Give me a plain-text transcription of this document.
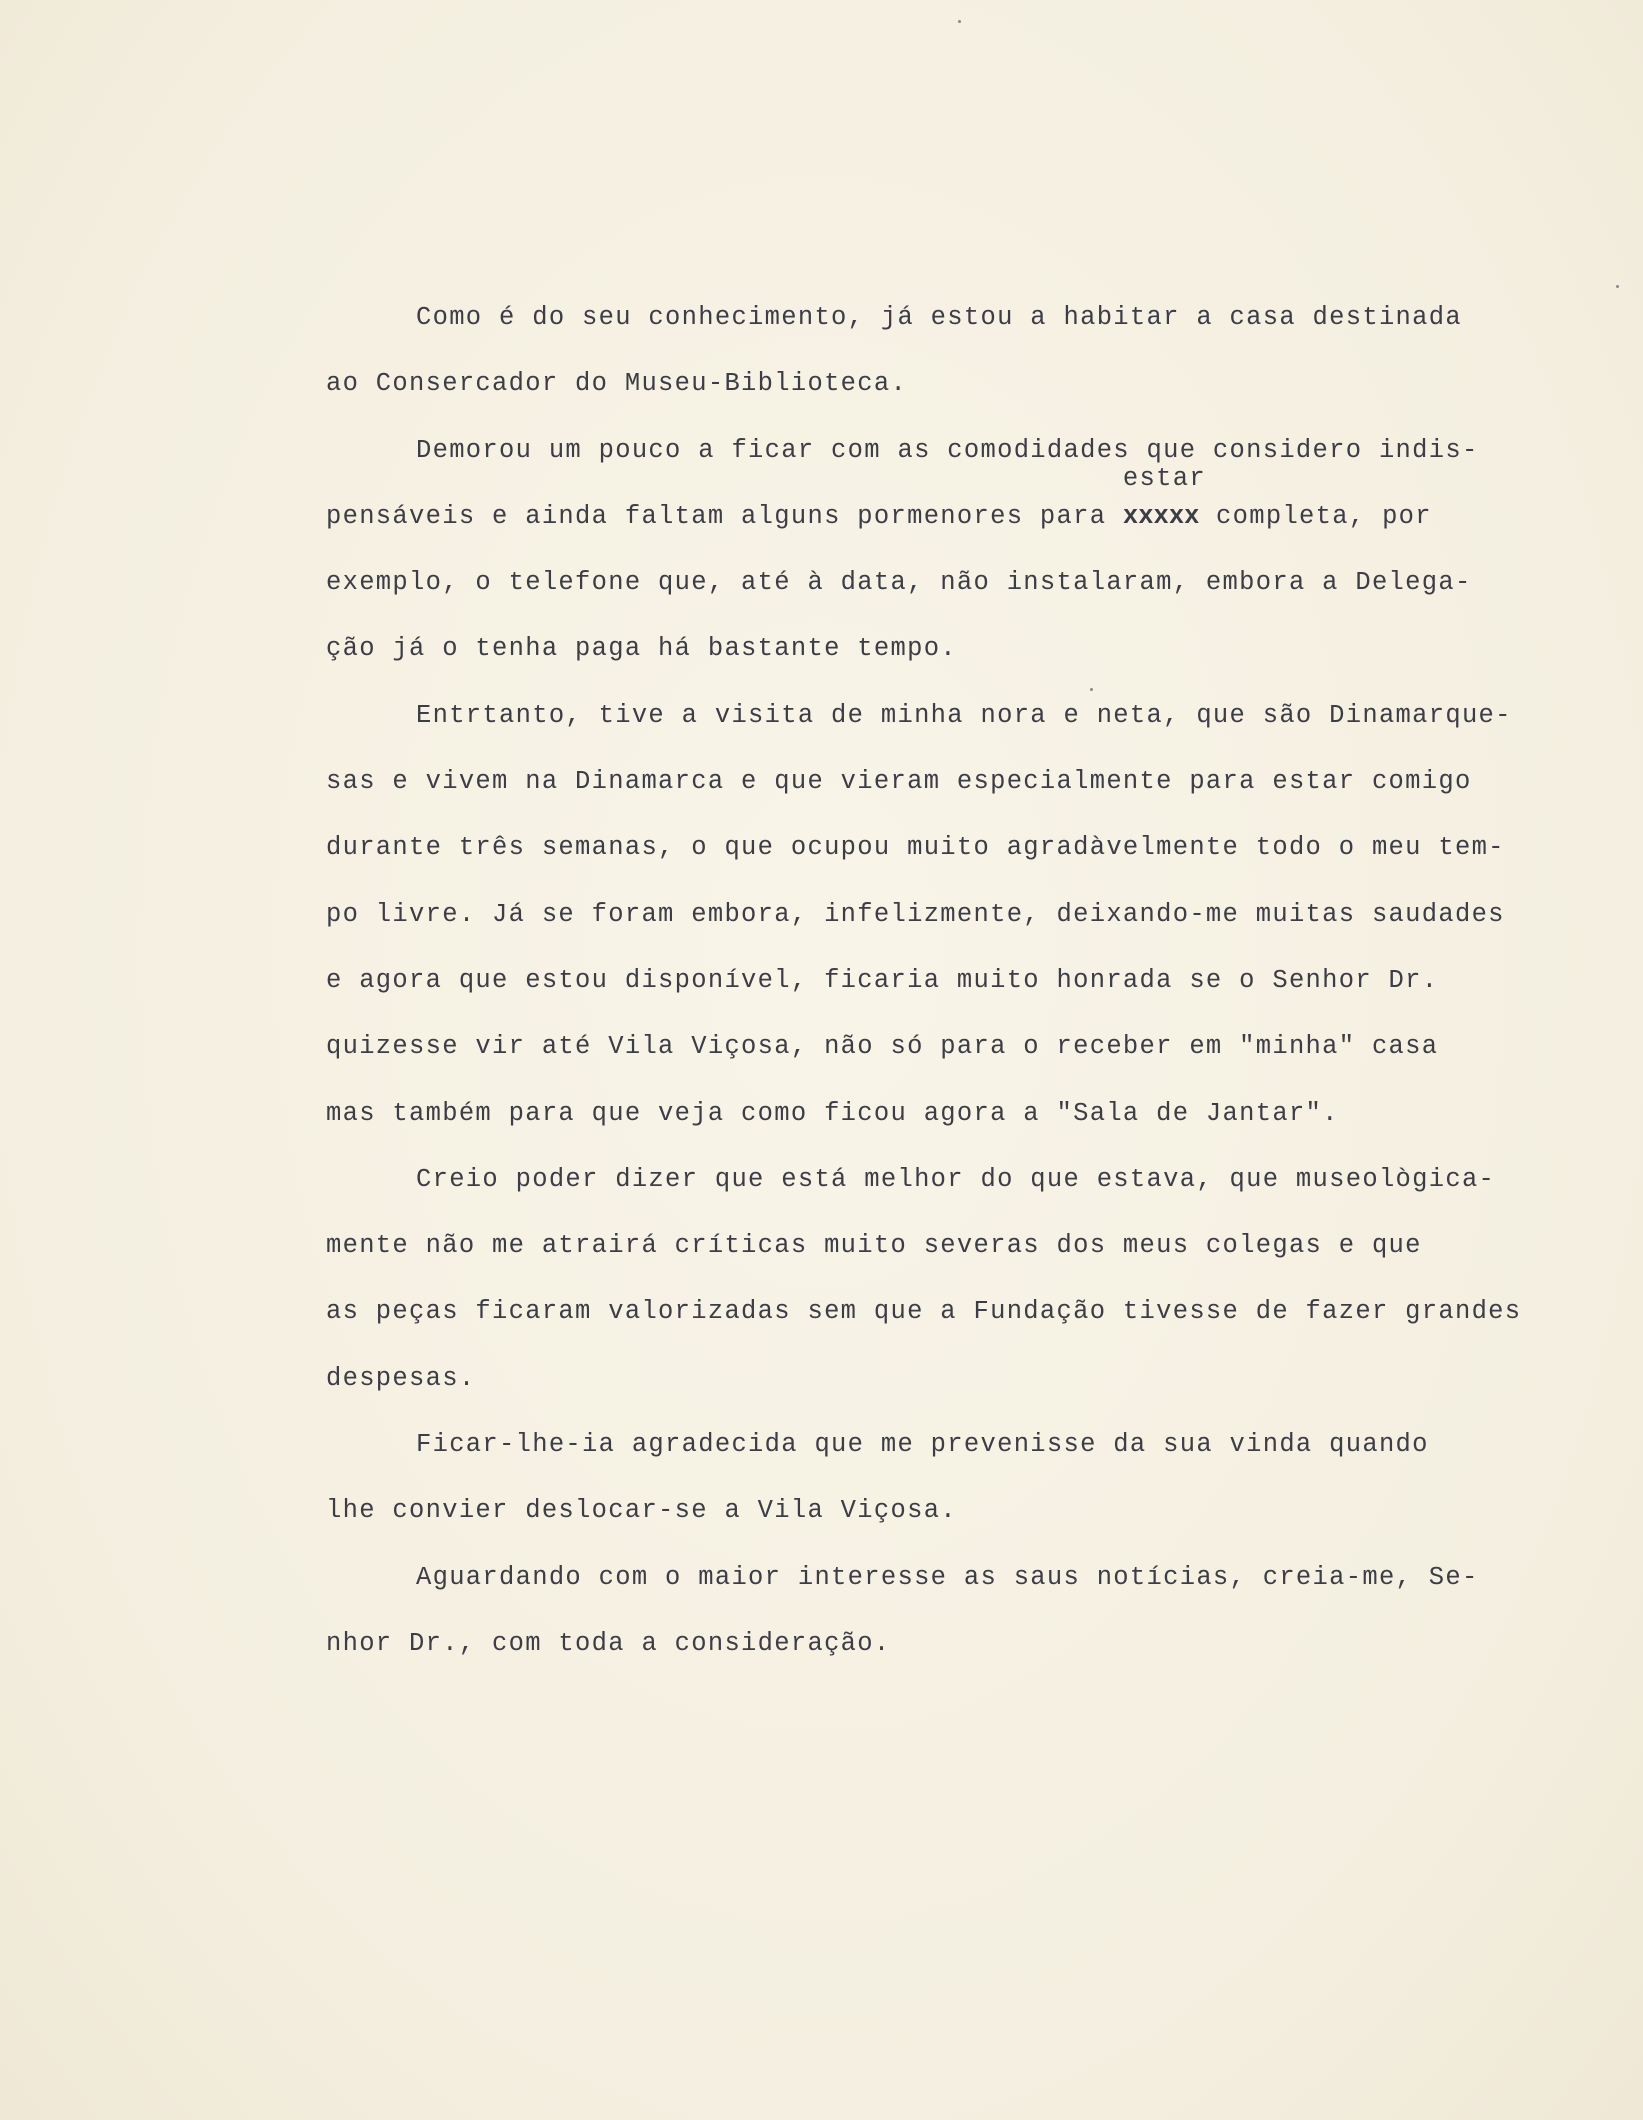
Como é do seu conhecimento, já estou a habitar a casa destinada
ao Consercador do Museu-Biblioteca.
Demorou um pouco a ficar com as comodidades que considero indis-
pensáveis e ainda faltam alguns pormenores para xxxxx
estar
completa, por
exemplo, o telefone que, até à data, não instalaram, embora a Delega-
ção já o tenha paga há bastante tempo.
Entrtanto, tive a visita de minha nora e neta, que são Dinamarque-
sas e vivem na Dinamarca e que vieram especialmente para estar comigo
durante três semanas, o que ocupou muito agradàvelmente todo o meu tem-
po livre. Já se foram embora, infelizmente, deixando-me muitas saudades
e agora que estou disponível, ficaria muito honrada se o Senhor Dr.
quizesse vir até Vila Viçosa, não só para o receber em "minha" casa
mas também para que veja como ficou agora a "Sala de Jantar".
Creio poder dizer que está melhor do que estava, que museològica-
mente não me atrairá críticas muito severas dos meus colegas e que
as peças ficaram valorizadas sem que a Fundação tivesse de fazer grandes
despesas.
Ficar-lhe-ia agradecida que me prevenisse da sua vinda quando
lhe convier deslocar-se a Vila Viçosa.
Aguardando com o maior interesse as saus notícias, creia-me, Se-
nhor Dr., com toda a consideração.
